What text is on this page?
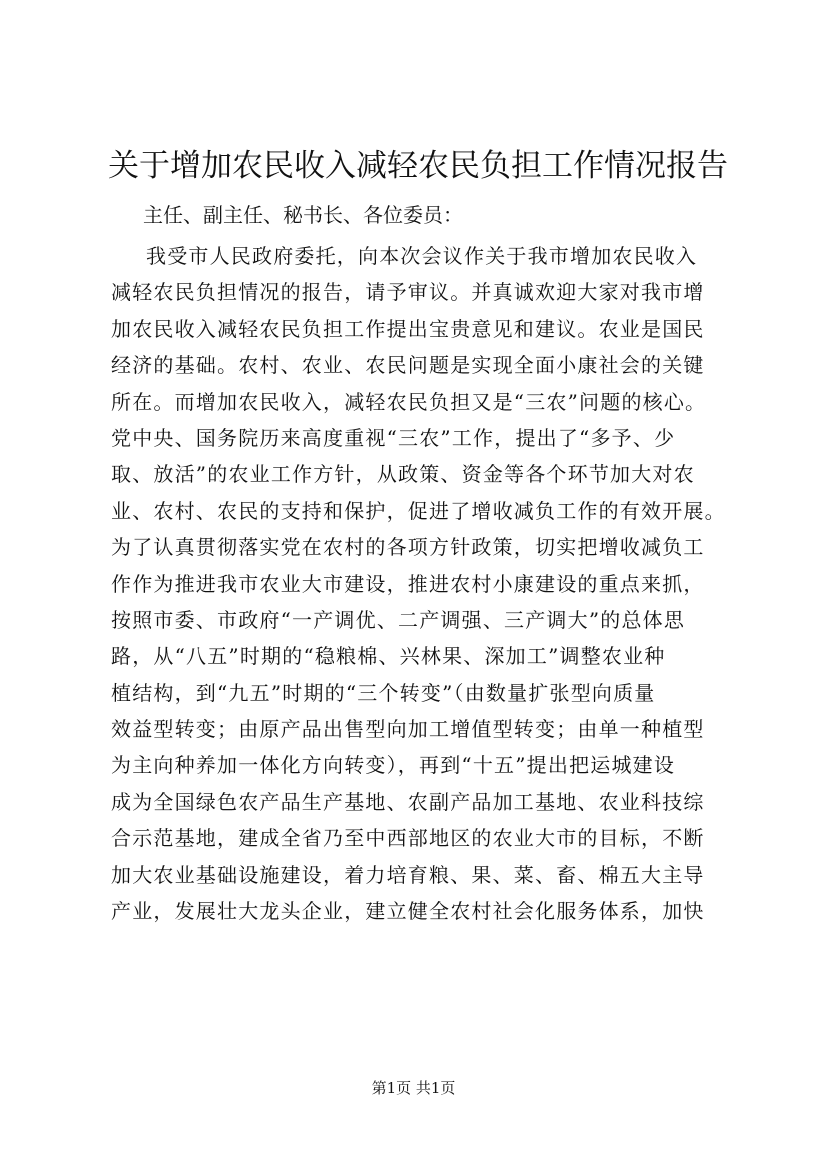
关于增加农民收入减轻农民负担工作情况报告
主任、副主任、秘书长、各位委员：
我受市人民政府委托，向本次会议作关于我市增加农民收入
减轻农民负担情况的报告，请予审议。并真诚欢迎大家对我市增
加农民收入减轻农民负担工作提出宝贵意见和建议。农业是国民
经济的基础。农村、农业、农民问题是实现全面小康社会的关键
所在。而增加农民收入，减轻农民负担又是“三农”问题的核心。
党中央、国务院历来高度重视“三农”工作，提出了“多予、少
取、放活”的农业工作方针，从政策、资金等各个环节加大对农
业、农村、农民的支持和保护，促进了增收减负工作的有效开展。
为了认真贯彻落实党在农村的各项方针政策，切实把增收减负工
作作为推进我市农业大市建设，推进农村小康建设的重点来抓，
按照市委、市政府“一产调优、二产调强、三产调大”的总体思
路，从“八五”时期的“稳粮棉、兴林果、深加工”调整农业种
植结构，到“九五”时期的“三个转变”（由数量扩张型向质量
效益型转变；由原产品出售型向加工增值型转变；由单一种植型
为主向种养加一体化方向转变），再到“十五”提出把运城建设
成为全国绿色农产品生产基地、农副产品加工基地、农业科技综
合示范基地，建成全省乃至中西部地区的农业大市的目标，不断
加大农业基础设施建设，着力培育粮、果、菜、畜、棉五大主导
产业，发展壮大龙头企业，建立健全农村社会化服务体系，加快
第1页 共1页
